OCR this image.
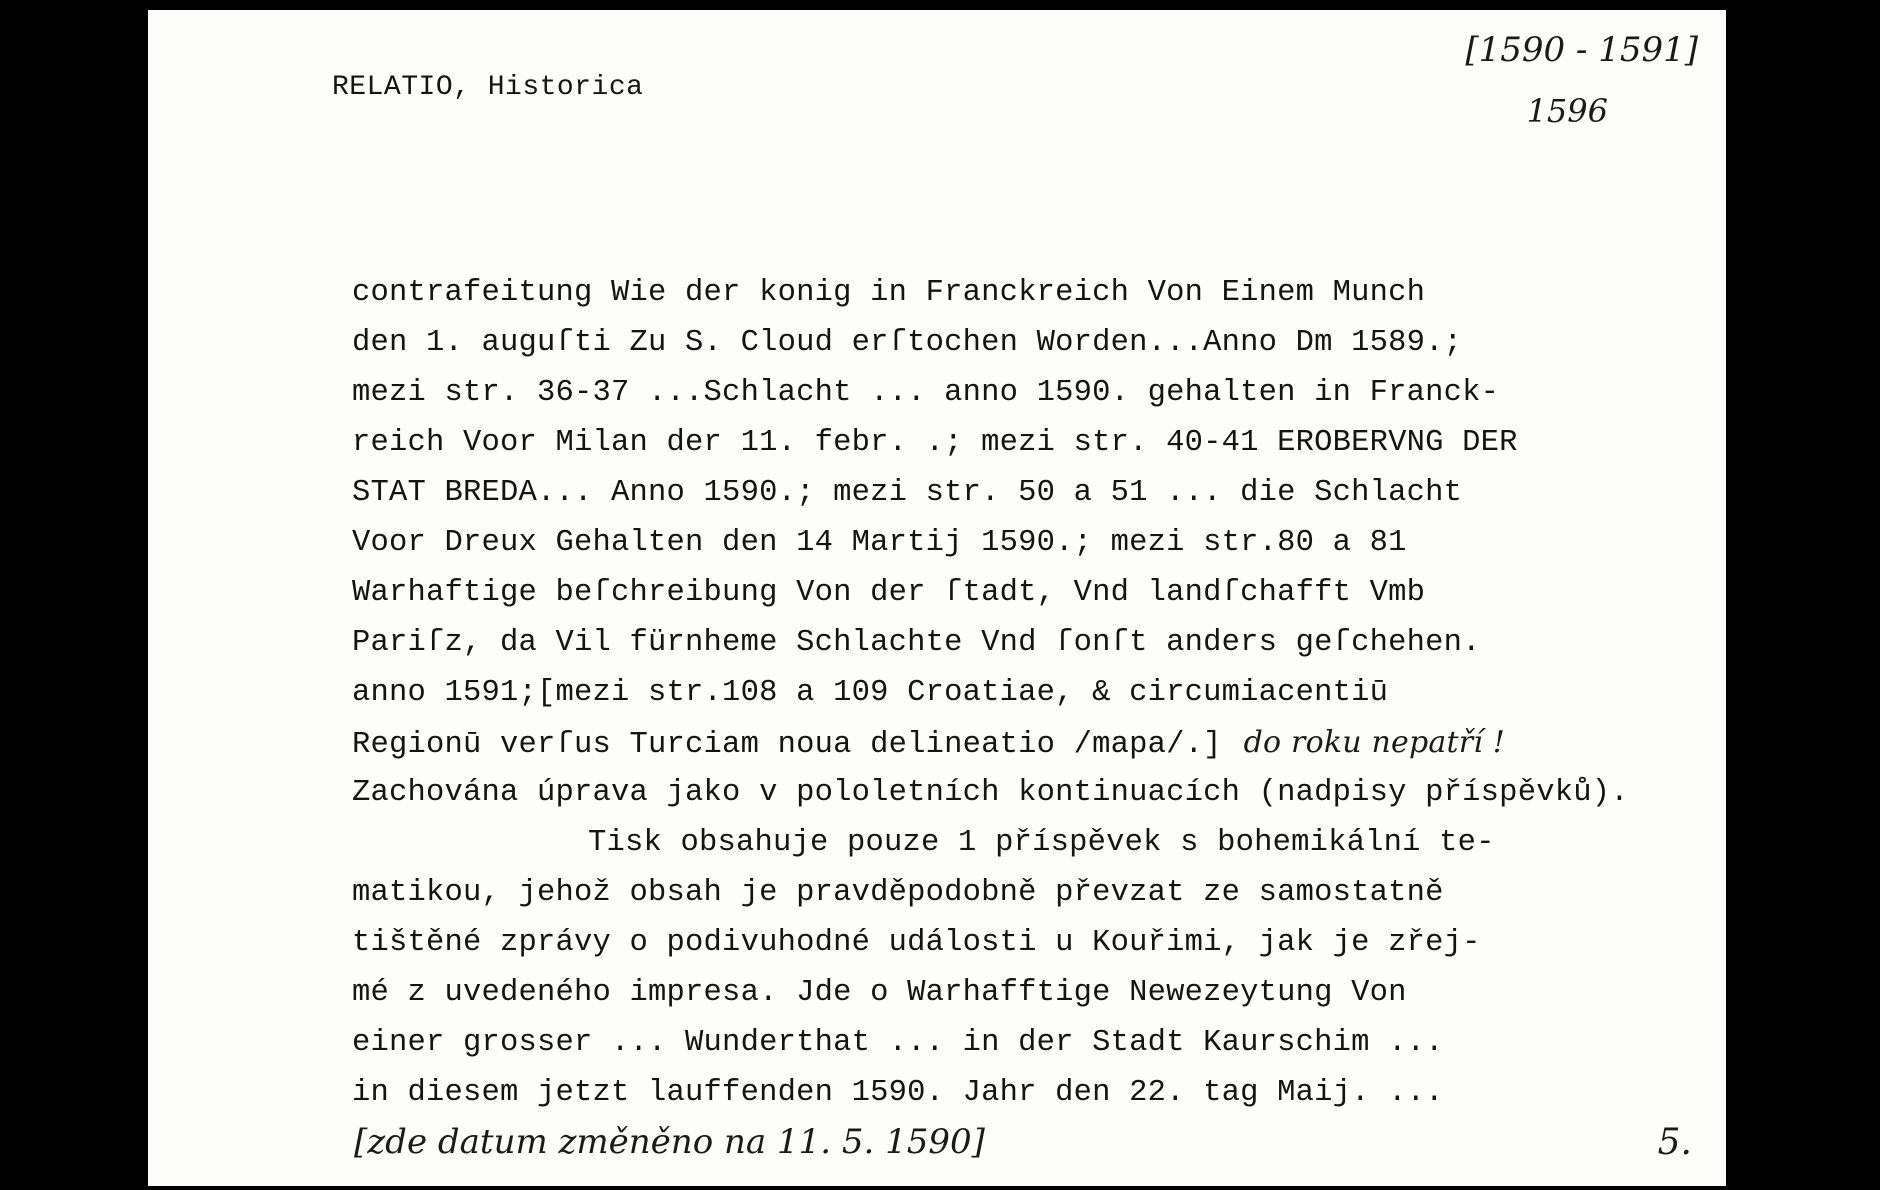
RELATIO, Historica
[1590 - 1591]
1596
contrafeitung Wie der konig in Franckreich Von Einem Munch
den 1. auguſti Zu S. Cloud erſtochen Worden...Anno Dm 1589.;
mezi str. 36-37 ...Schlacht ... anno 1590. gehalten in Franck-
reich Voor Milan der 11. febr. .; mezi str. 40-41 EROBERVNG DER
STAT BREDA... Anno 1590.; mezi str. 50 a 51 ... die Schlacht
Voor Dreux Gehalten den 14 Martij 1590.; mezi str.80 a 81
Warhaftige beſchreibung Von der ſtadt, Vnd landſchafft Vmb
Pariſz, da Vil fürnheme Schlachte Vnd ſonſt anders geſchehen.
anno 1591;[mezi str.108 a 109 Croatiae, & circumiacentiū
Regionū verſus Turciam noua delineatio /mapa/.] do roku nepatří !
Zachována úprava jako v pololetních kontinuacích (nadpisy příspěvků).
Tisk obsahuje pouze 1 příspěvek s bohemikální te-
matikou, jehož obsah je pravděpodobně převzat ze samostatně
tištěné zprávy o podivuhodné události u Kouřimi, jak je zřej-
mé z uvedeného impresa. Jde o Warhafftige Newezeytung Von
einer grosser ... Wunderthat ... in der Stadt Kaurschim ...
in diesem jetzt lauffenden 1590. Jahr den 22. tag Maij. ...
[zde datum změněno na 11. 5. 1590]	5.
